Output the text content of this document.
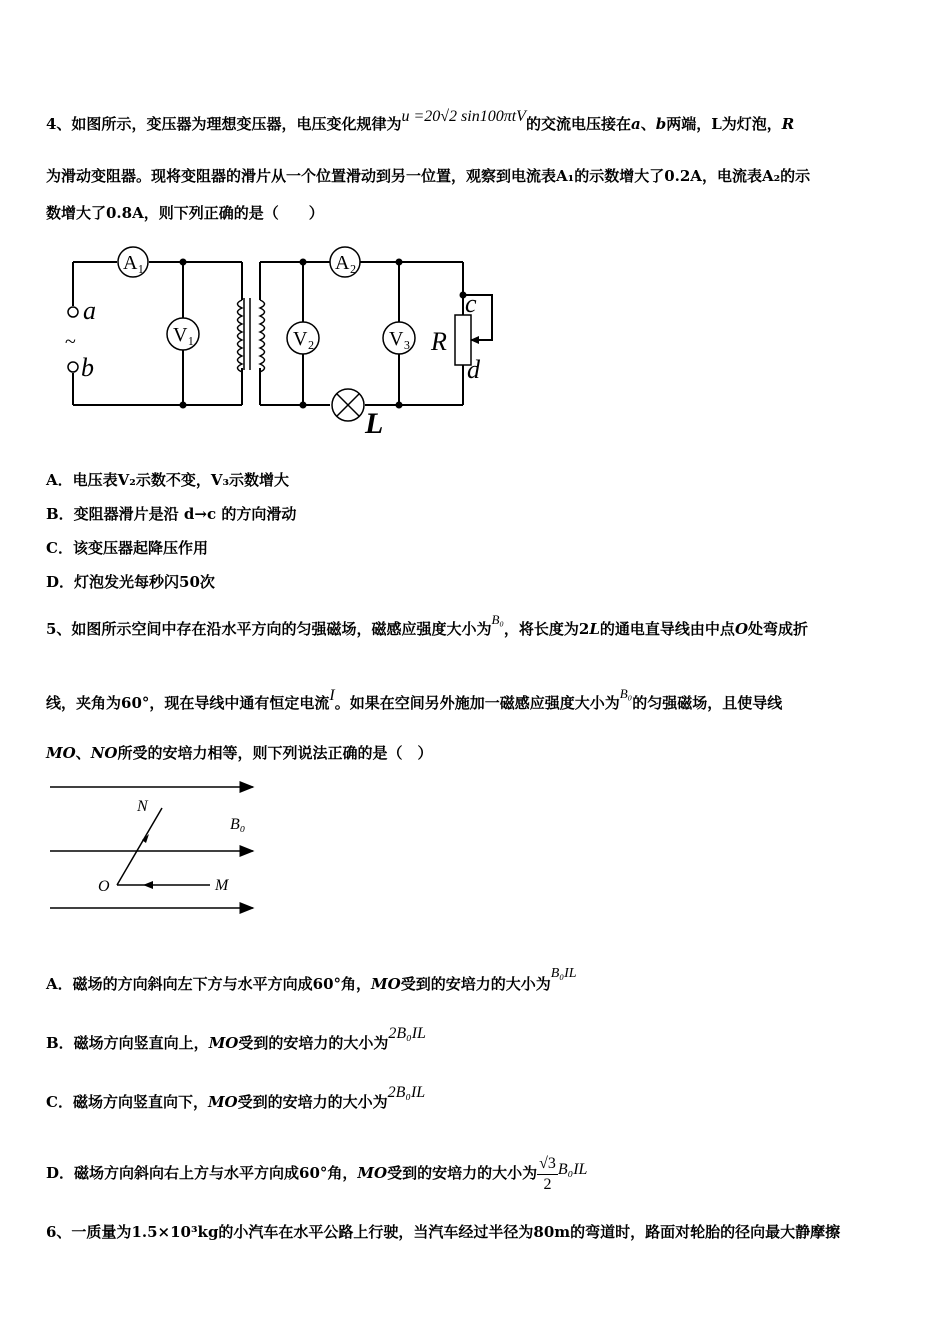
4、如图所示，变压器为理想变压器，电压变化规律为u =20√2 sin100πtV的交流电压接在a、b两端，L为灯泡，R
为滑动变阻器。现将变阻器的滑片从一个位置滑动到另一位置，观察到电流表A₁的示数增大了0.2A，电流表A₂的示
数增大了0.8A，则下列正确的是（　　）
A₁	A₂
V₁	V₂	V₃
a
b
c
d
R
~
L
A．电压表V₂示数不变，V₃示数增大
B．变阻器滑片是沿 d→c 的方向滑动
C．该变压器起降压作用
D．灯泡发光每秒闪50次
5、如图所示空间中存在沿水平方向的匀强磁场，磁感应强度大小为B₀，将长度为2L的通电直导线由中点O处弯成折
线，夹角为60°，现在导线中通有恒定电流I。如果在空间另外施加一磁感应强度大小为B₀的匀强磁场，且使导线
MO、NO所受的安培力相等，则下列说法正确的是（　）
N
B₀
O	M
A．磁场的方向斜向左下方与水平方向成60°角，MO受到的安培力的大小为B₀IL
B．磁场方向竖直向上，MO受到的安培力的大小为2B₀IL
C．磁场方向竖直向下，MO受到的安培力的大小为2B₀IL
D．磁场方向斜向右上方与水平方向成60°角，MO受到的安培力的大小为 $\frac{√3}{2} B_0IL$
6、一质量为1.5×10³kg的小汽车在水平公路上行驶，当汽车经过半径为80m的弯道时，路面对轮胎的径向最大静摩擦
